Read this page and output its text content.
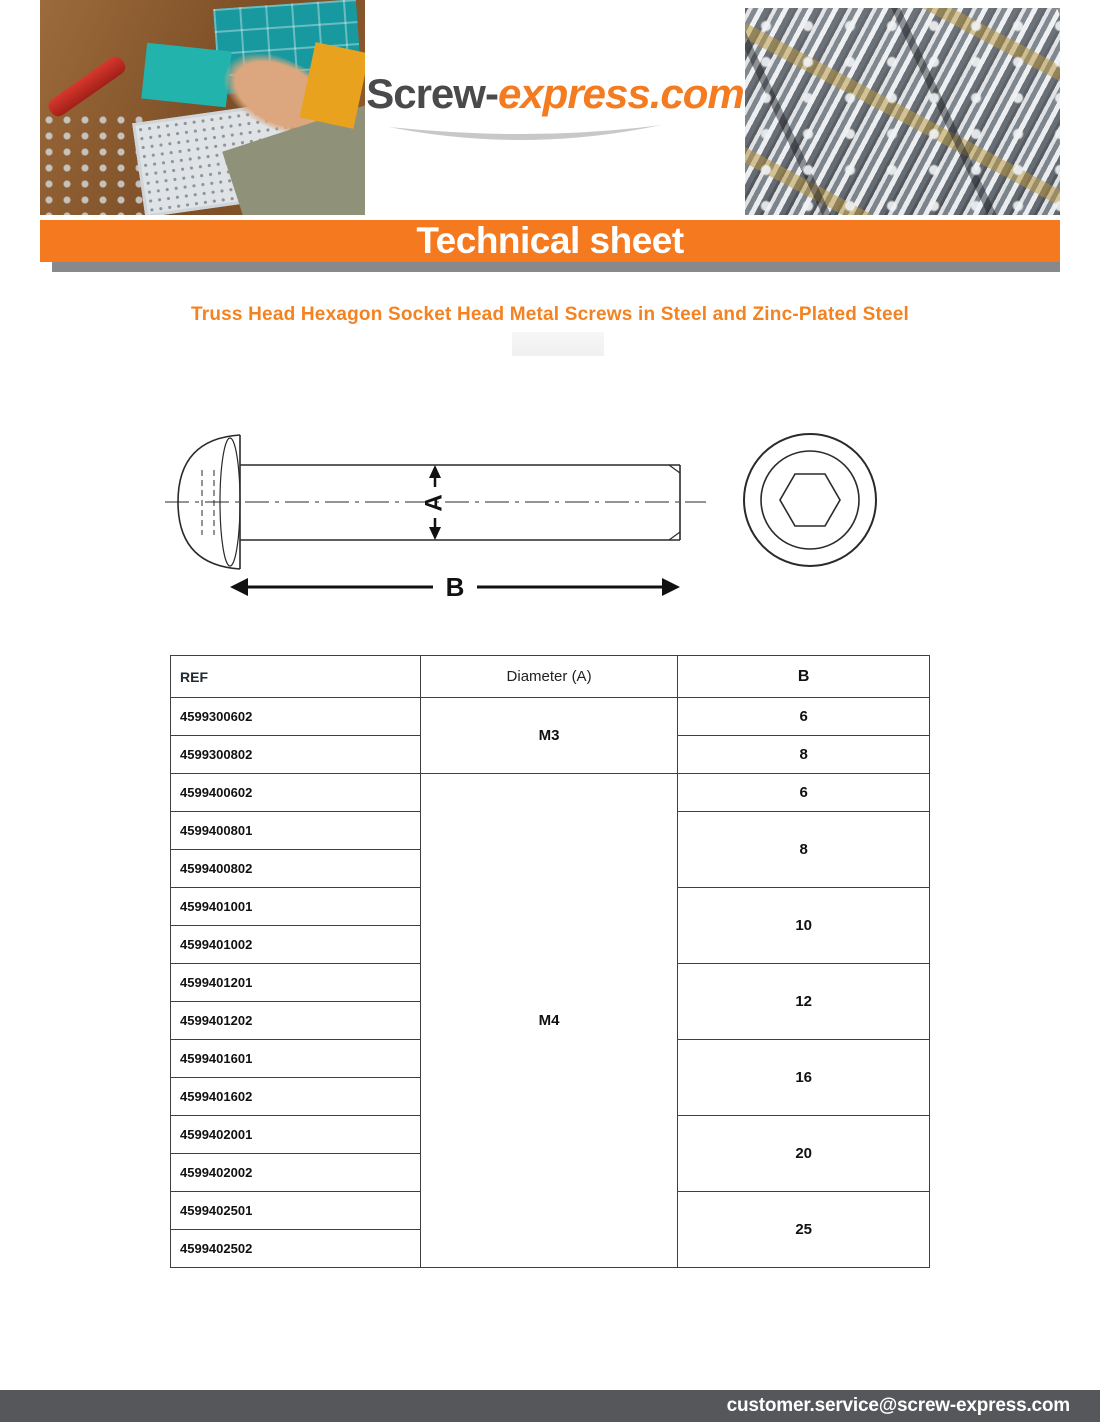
Screw-express.com
Technical sheet
Truss Head Hexagon Socket Head Metal Screws in Steel and Zinc-Plated Steel
A
B
REF	Diameter (A)	B
4599300602	M3	6
4599300802		8
4599400602	M4	6
4599400801		8
4599400802		
4599401001		10
4599401002		
4599401201		12
4599401202		
4599401601		16
4599401602		
4599402001		20
4599402002		
4599402501		25
4599402502		
customer.service@screw-express.com
